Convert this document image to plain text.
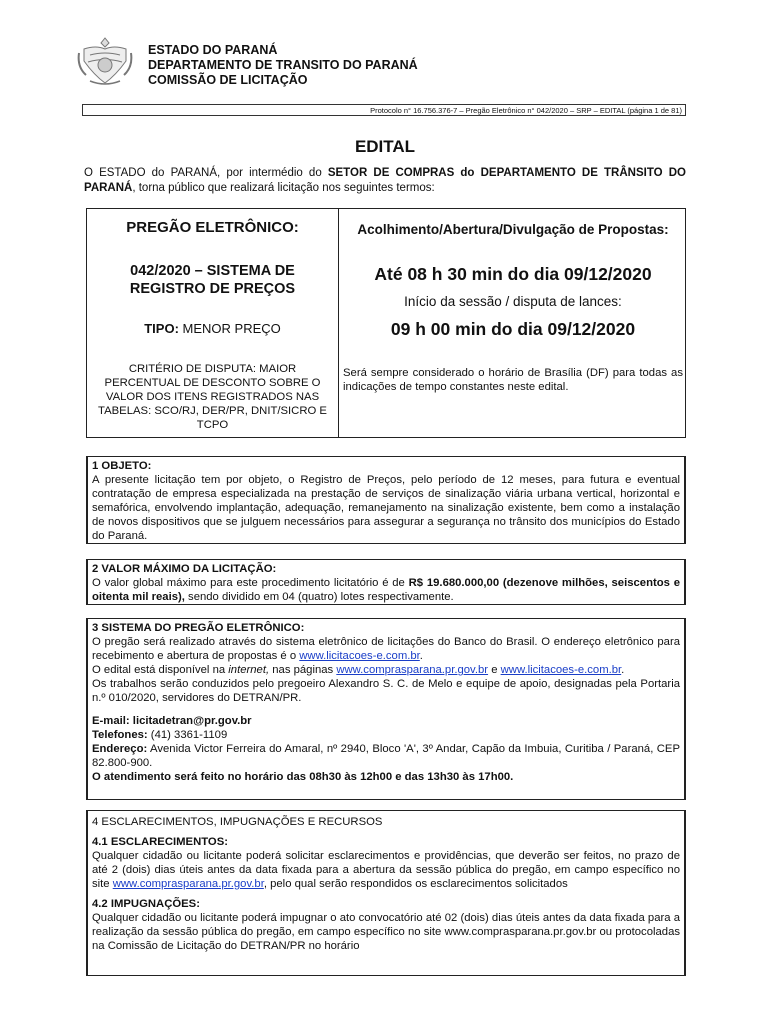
ESTADO DO PARANÁ
DEPARTAMENTO DE TRANSITO DO PARANÁ
COMISSÃO DE LICITAÇÃO
Protocolo n° 16.756.376-7 – Pregão Eletrônico n° 042/2020 – SRP – EDITAL (página 1 de 81)
EDITAL
O ESTADO do PARANÁ, por intermédio do SETOR DE COMPRAS do DEPARTAMENTO DE TRÂNSITO DO PARANÁ, torna público que realizará licitação nos seguintes termos:
PREGÃO ELETRÔNICO:
042/2020 – SISTEMA DE REGISTRO DE PREÇOS
TIPO: MENOR PREÇO
CRITÉRIO DE DISPUTA: MAIOR PERCENTUAL DE DESCONTO SOBRE O VALOR DOS ITENS REGISTRADOS NAS TABELAS: SCO/RJ, DER/PR, DNIT/SICRO E TCPO
Acolhimento/Abertura/Divulgação de Propostas:
Até 08 h 30 min do dia 09/12/2020
Início da sessão / disputa de lances:
09 h 00 min do dia 09/12/2020
Será sempre considerado o horário de Brasília (DF) para todas as indicações de tempo constantes neste edital.
1 OBJETO:
A presente licitação tem por objeto, o Registro de Preços, pelo período de 12 meses, para futura e eventual contratação de empresa especializada na prestação de serviços de sinalização viária urbana vertical, horizontal e semafórica, envolvendo implantação, adequação, remanejamento na sinalização existente, bem como a instalação de novos dispositivos que se julguem necessários para assegurar a segurança no trânsito dos municípios do Estado do Paraná.
2 VALOR MÁXIMO DA LICITAÇÃO:
O valor global máximo para este procedimento licitatório é de R$ 19.680.000,00 (dezenove milhões, seiscentos e oitenta mil reais), sendo dividido em 04 (quatro) lotes respectivamente.
3 SISTEMA DO PREGÃO ELETRÔNICO:
O pregão será realizado através do sistema eletrônico de licitações do Banco do Brasil. O endereço eletrônico para recebimento e abertura de propostas é o www.licitacoes-e.com.br.
O edital está disponível na internet, nas páginas www.comprasparana.pr.gov.br e www.licitacoes-e.com.br.
Os trabalhos serão conduzidos pelo pregoeiro Alexandro S. C. de Melo e equipe de apoio, designadas pela Portaria n.º 010/2020, servidores do DETRAN/PR.
E-mail: licitadetran@pr.gov.br
Telefones: (41) 3361-1109
Endereço: Avenida Victor Ferreira do Amaral, nº 2940, Bloco 'A', 3º Andar, Capão da Imbuia, Curitiba / Paraná, CEP 82.800-900.
O atendimento será feito no horário das 08h30 às 12h00 e das 13h30 às 17h00.
4 ESCLARECIMENTOS, IMPUGNAÇÕES E RECURSOS
4.1 ESCLARECIMENTOS:
Qualquer cidadão ou licitante poderá solicitar esclarecimentos e providências, que deverão ser feitos, no prazo de até 2 (dois) dias úteis antes da data fixada para a abertura da sessão pública do pregão, em campo específico no site www.comprasparana.pr.gov.br, pelo qual serão respondidos os esclarecimentos solicitados
4.2 IMPUGNAÇÕES:
Qualquer cidadão ou licitante poderá impugnar o ato convocatório até 02 (dois) dias úteis antes da data fixada para a realização da sessão pública do pregão, em campo específico no site www.comprasparana.pr.gov.br ou protocoladas na Comissão de Licitação do DETRAN/PR no horário
